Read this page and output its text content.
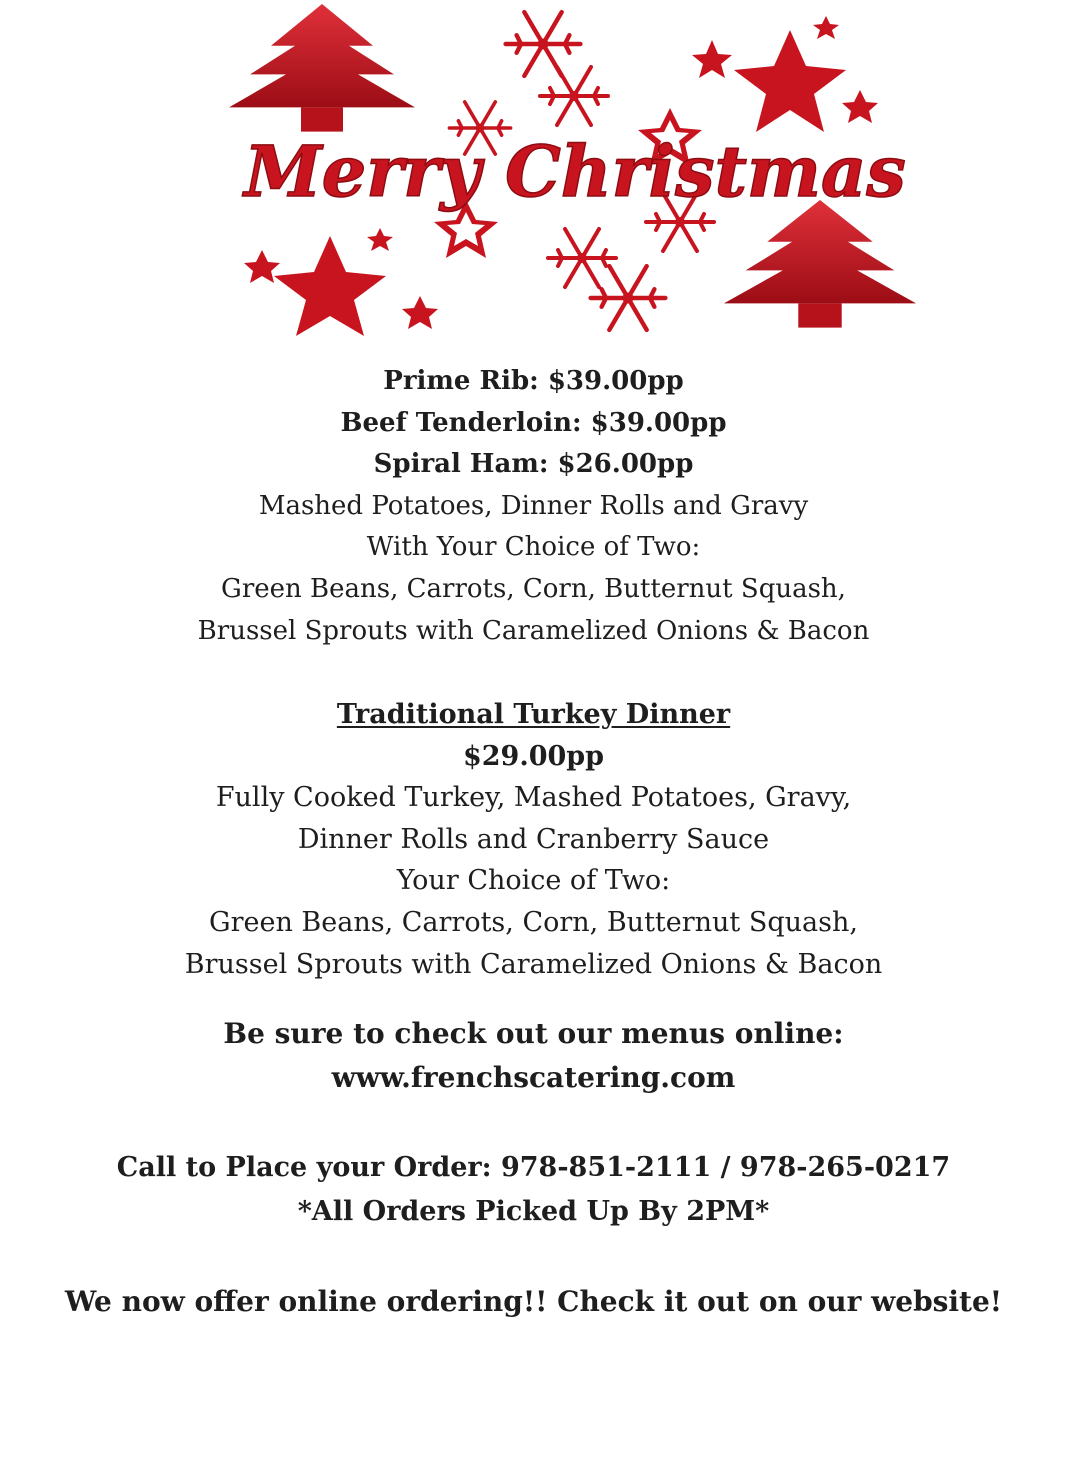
Merry Christmas
Prime Rib: $39.00pp
Beef Tenderloin: $39.00pp
Spiral Ham: $26.00pp
Mashed Potatoes, Dinner Rolls and Gravy
With Your Choice of Two:
Green Beans, Carrots, Corn, Butternut Squash,
Brussel Sprouts with Caramelized Onions & Bacon
Traditional Turkey Dinner
$29.00pp
Fully Cooked Turkey, Mashed Potatoes, Gravy,
Dinner Rolls and Cranberry Sauce
Your Choice of Two:
Green Beans, Carrots, Corn, Butternut Squash,
Brussel Sprouts with Caramelized Onions & Bacon
Be sure to check out our menus online:
www.frenchscatering.com
Call to Place your Order: 978-851-2111 / 978-265-0217
*All Orders Picked Up By 2PM*
We now offer online ordering!! Check it out on our website!
